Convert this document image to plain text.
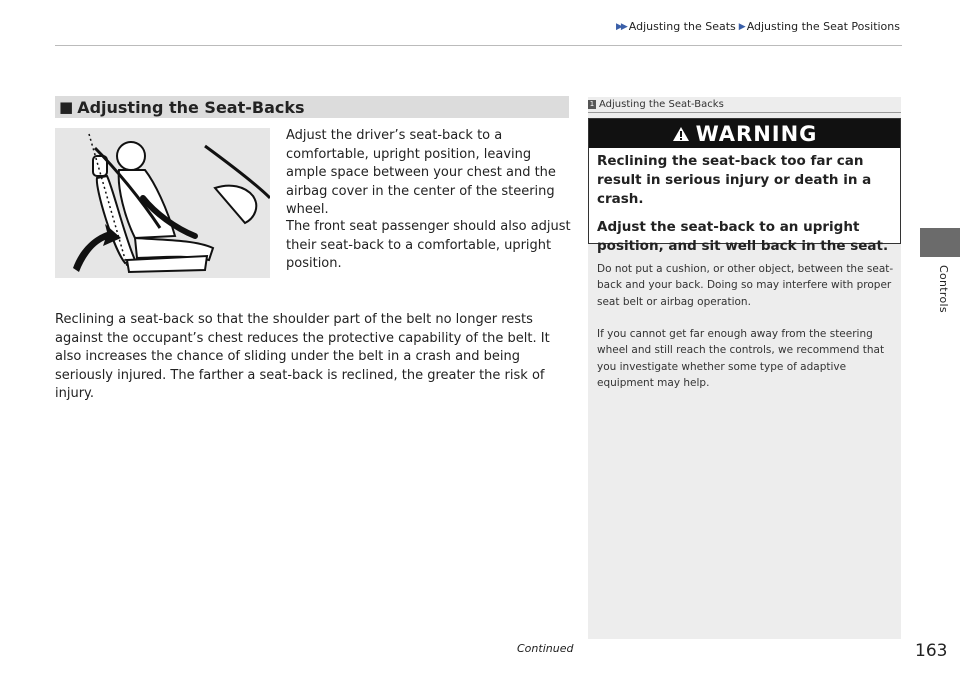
▶▶ Adjusting the Seats ▶ Adjusting the Seat Positions
Controls
■ Adjusting the Seat-Backs

Adjust the driver’s seat-back to a comfortable, upright position, leaving ample space between your chest and the airbag cover in the center of the steering wheel.

The front seat passenger should also adjust their seat-back to a comfortable, upright position.

Reclining a seat-back so that the shoulder part of the belt no longer rests against the occupant’s chest reduces the protective capability of the belt. It also increases the chance of sliding under the belt in a crash and being seriously injured. The farther a seat-back is reclined, the greater the risk of injury.

1 Adjusting the Seat-Backs
WARNING

Reclining the seat-back too far can result in serious injury or death in a crash.

Adjust the seat-back to an upright position, and sit well back in the seat.

Do not put a cushion, or other object, between the seat-back and your back. Doing so may interfere with proper seat belt or airbag operation.

If you cannot get far enough away from the steering wheel and still reach the controls, we recommend that you investigate whether some type of adaptive equipment may help.

Continued	163
